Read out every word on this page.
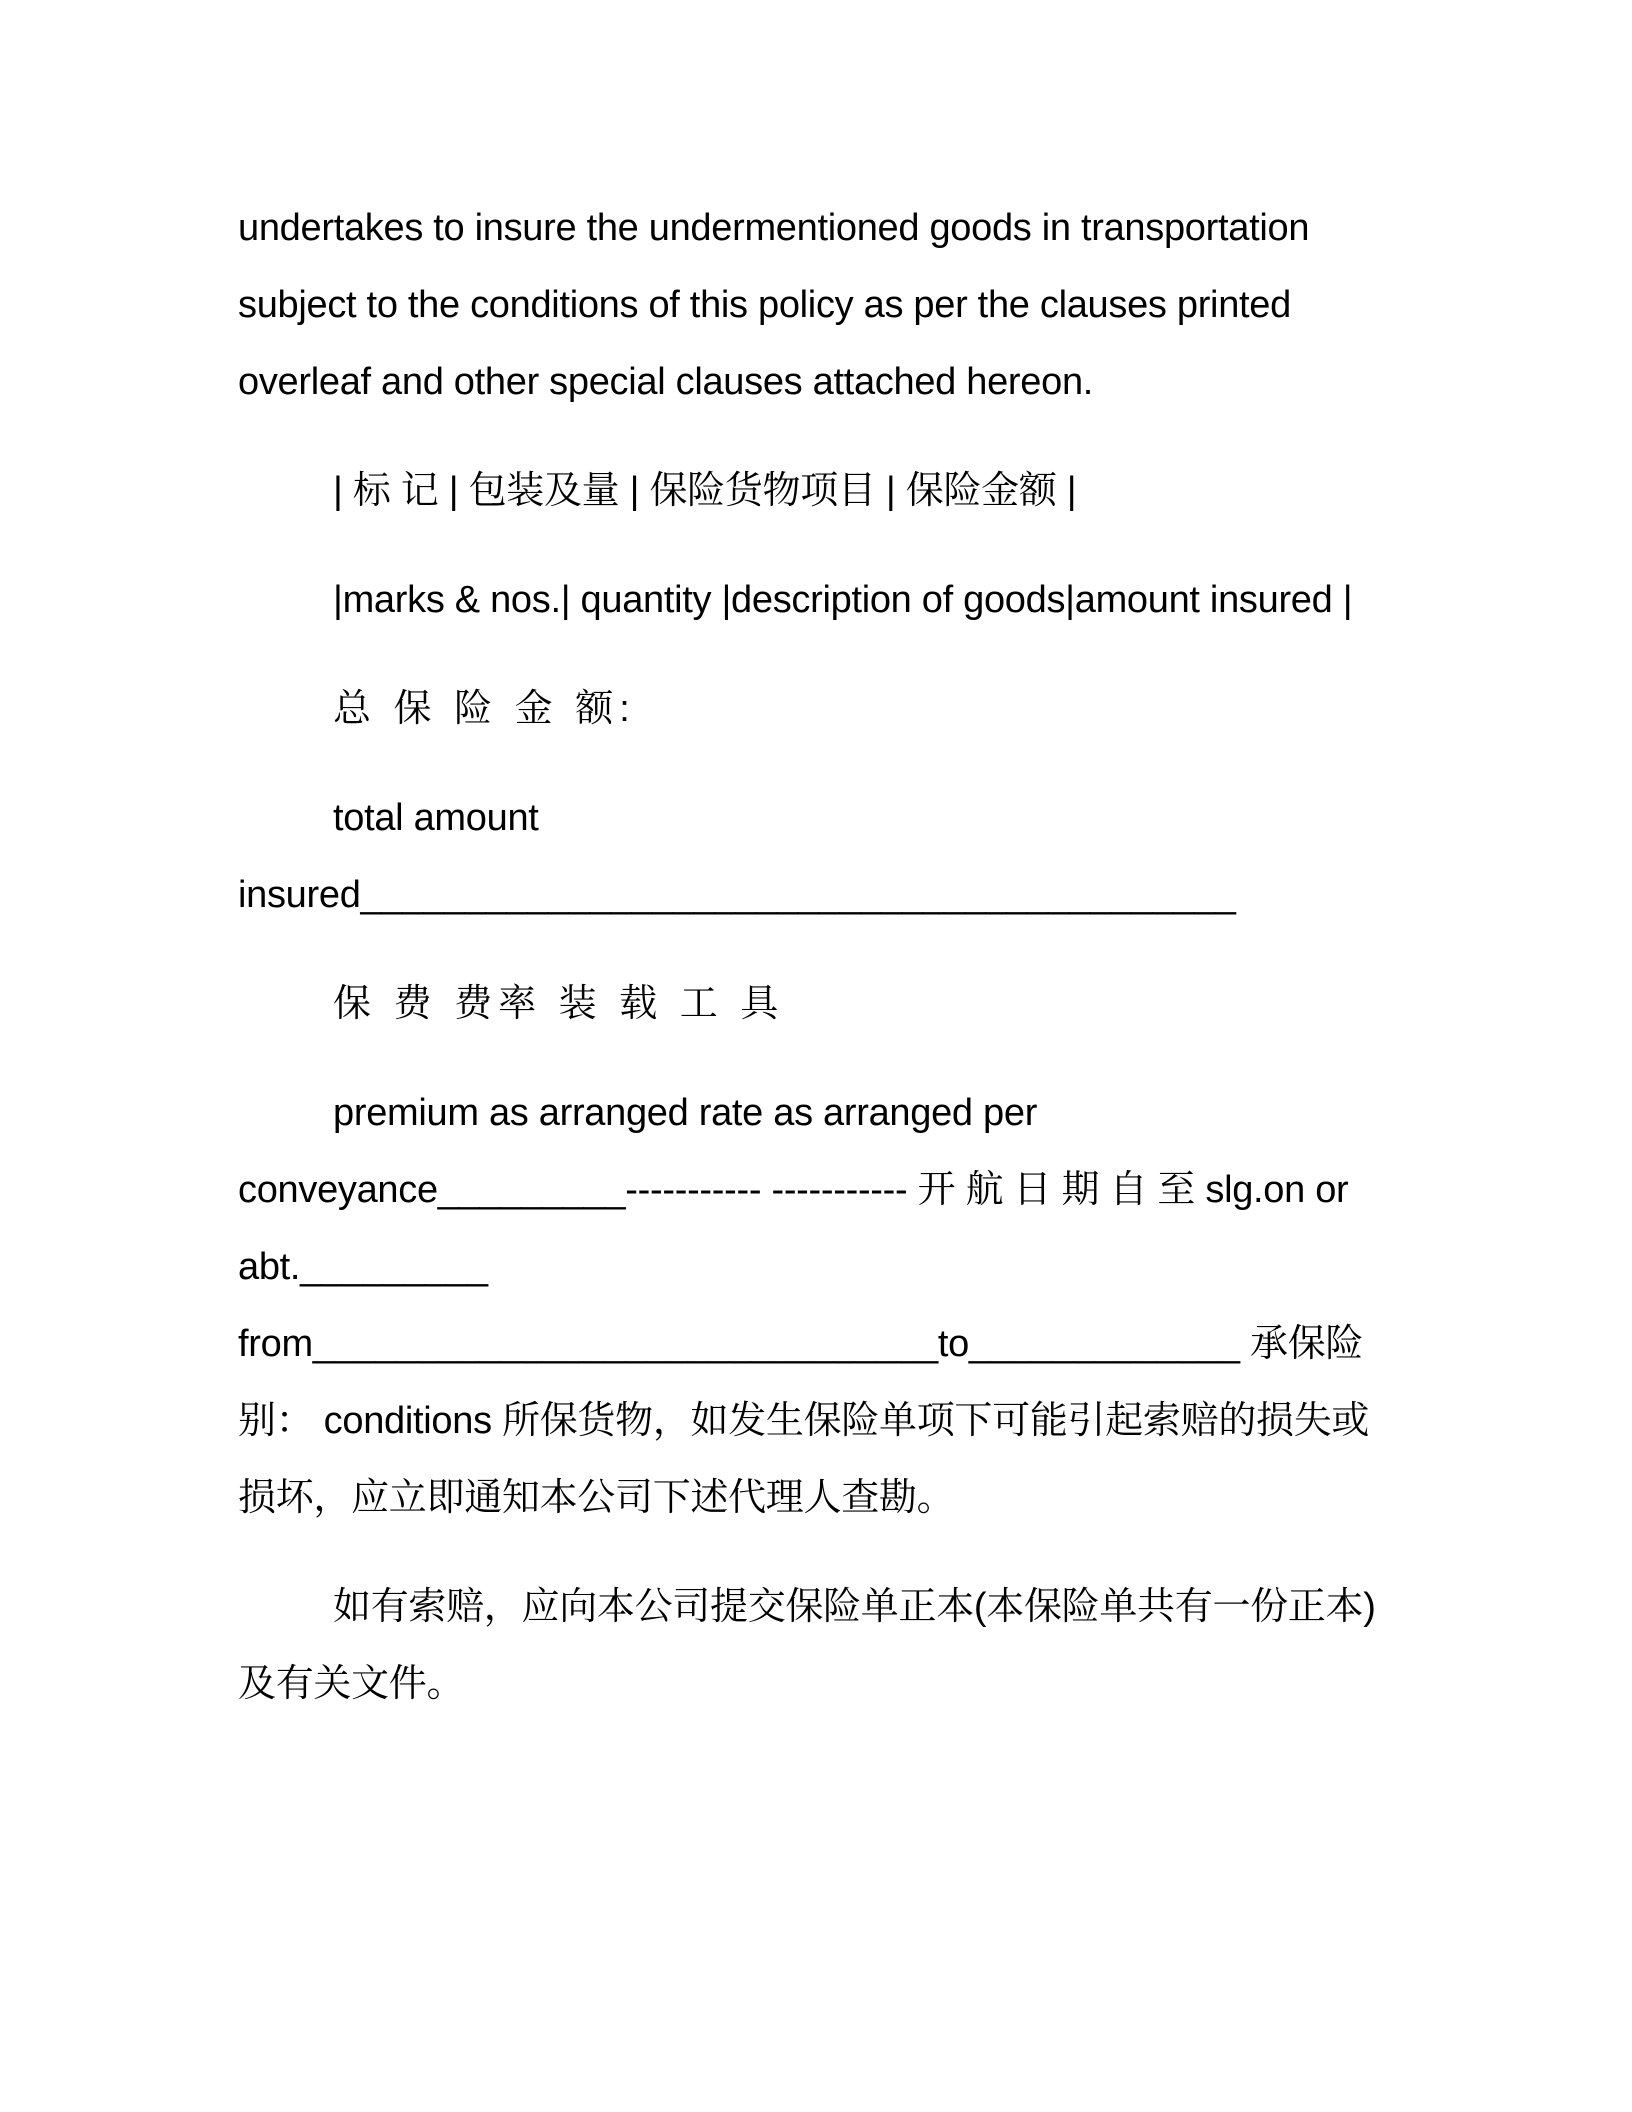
undertakes to insure the undermentioned goods in transportation subject to the conditions of this policy as per the clauses printed overleaf and other special clauses attached hereon.

| 标 记 | 包装及量 | 保险货物项目 | 保险金额 |

|marks & nos.| quantity |description of goods|amount insured |

总 保 险 金 额:

total amount insured__________________________________________

保 费 费率 装 载 工 具

premium as arranged rate as arranged per conveyance_________----------- ----------- 开 航 日 期 自 至 slg.on or abt._________

from______________________________to_____________ 承保险别： conditions 所保货物，如发生保险单项下可能引起索赔的损失或损坏，应立即通知本公司下述代理人查勘。

如有索赔，应向本公司提交保险单正本(本保险单共有一份正本)及有关文件。
